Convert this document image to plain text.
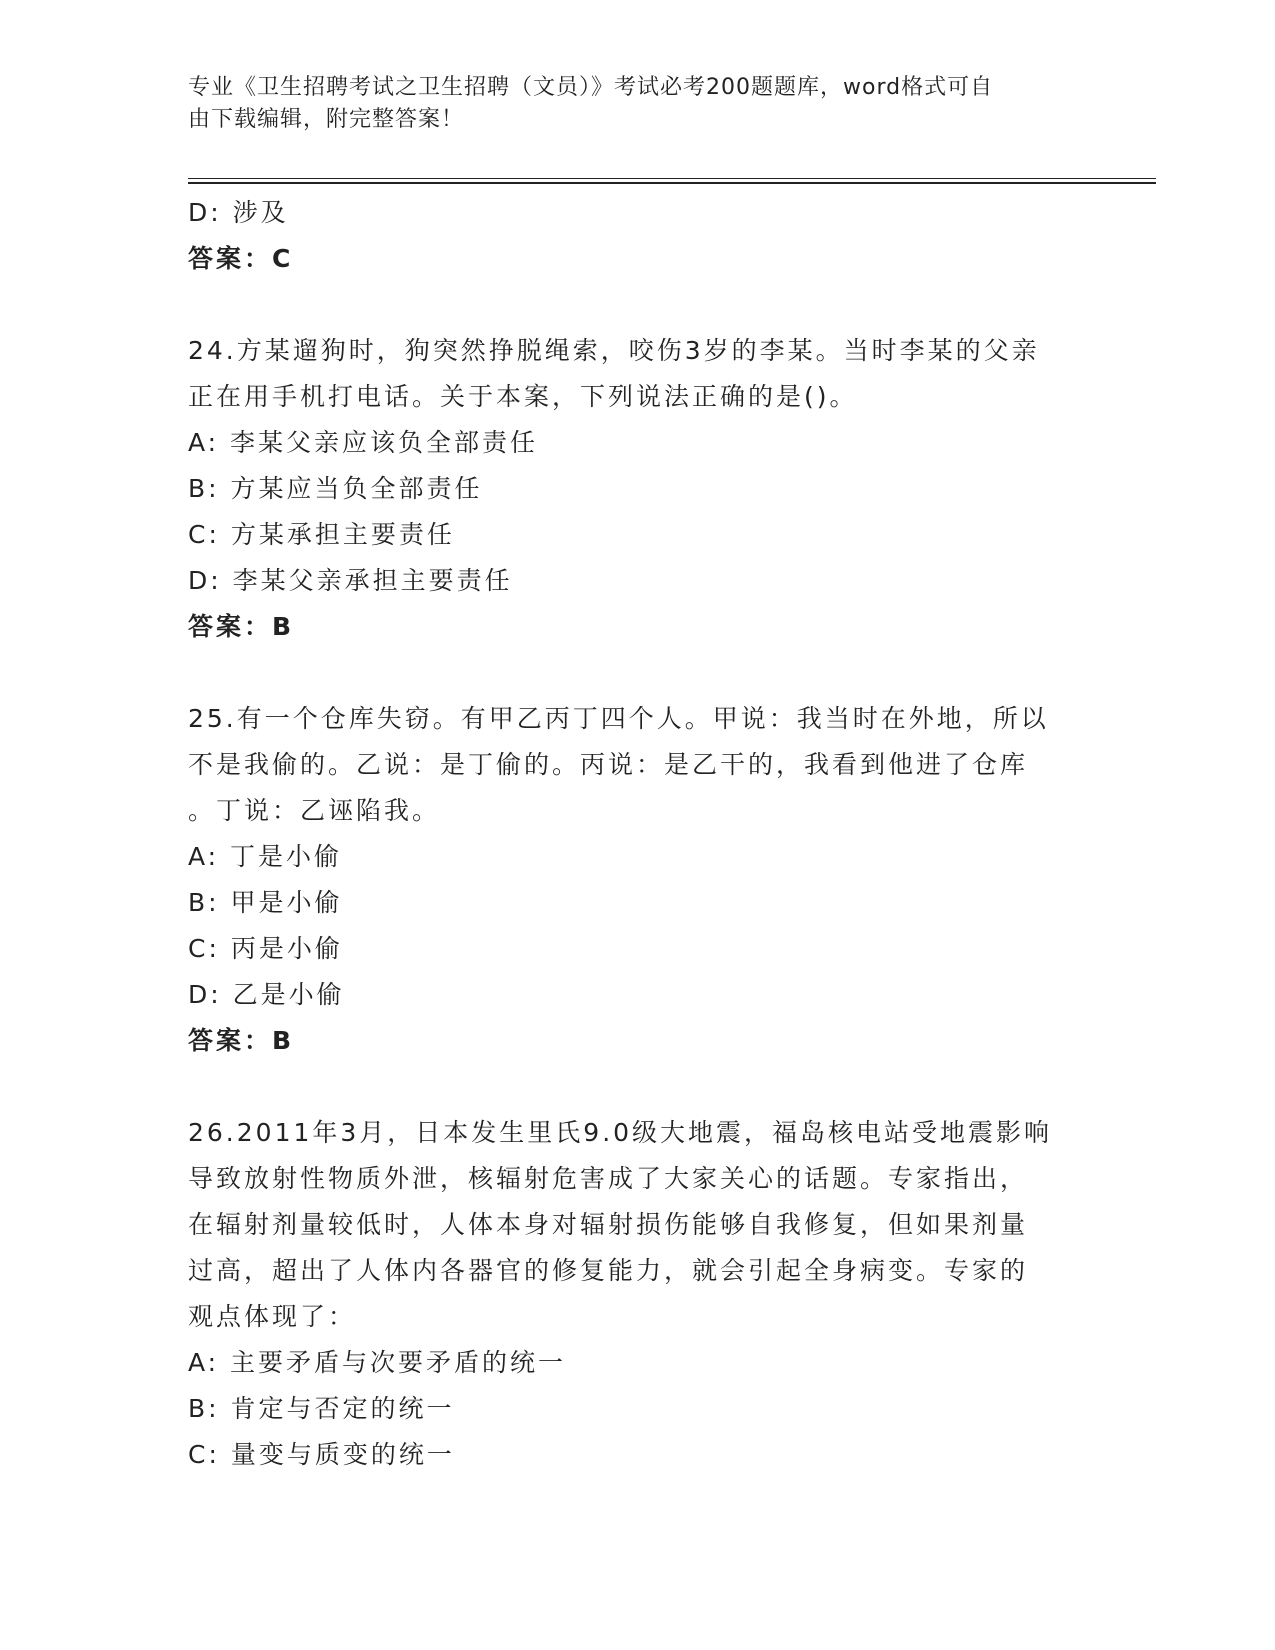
专业《卫生招聘考试之卫生招聘（文员）》考试必考200题题库，word格式可自
由下载编辑，附完整答案！
D: 涉及
答案：C
24.方某遛狗时，狗突然挣脱绳索，咬伤3岁的李某。当时李某的父亲
正在用手机打电话。关于本案，下列说法正确的是()。
A: 李某父亲应该负全部责任
B: 方某应当负全部责任
C: 方某承担主要责任
D: 李某父亲承担主要责任
答案：B
25.有一个仓库失窃。有甲乙丙丁四个人。甲说：我当时在外地，所以
不是我偷的。乙说：是丁偷的。丙说：是乙干的，我看到他进了仓库
。丁说：乙诬陷我。
A: 丁是小偷
B: 甲是小偷
C: 丙是小偷
D: 乙是小偷
答案：B
26.2011年3月，日本发生里氏9.0级大地震，福岛核电站受地震影响
导致放射性物质外泄，核辐射危害成了大家关心的话题。专家指出，
在辐射剂量较低时，人体本身对辐射损伤能够自我修复，但如果剂量
过高，超出了人体内各器官的修复能力，就会引起全身病变。专家的
观点体现了：
A: 主要矛盾与次要矛盾的统一
B: 肯定与否定的统一
C: 量变与质变的统一
